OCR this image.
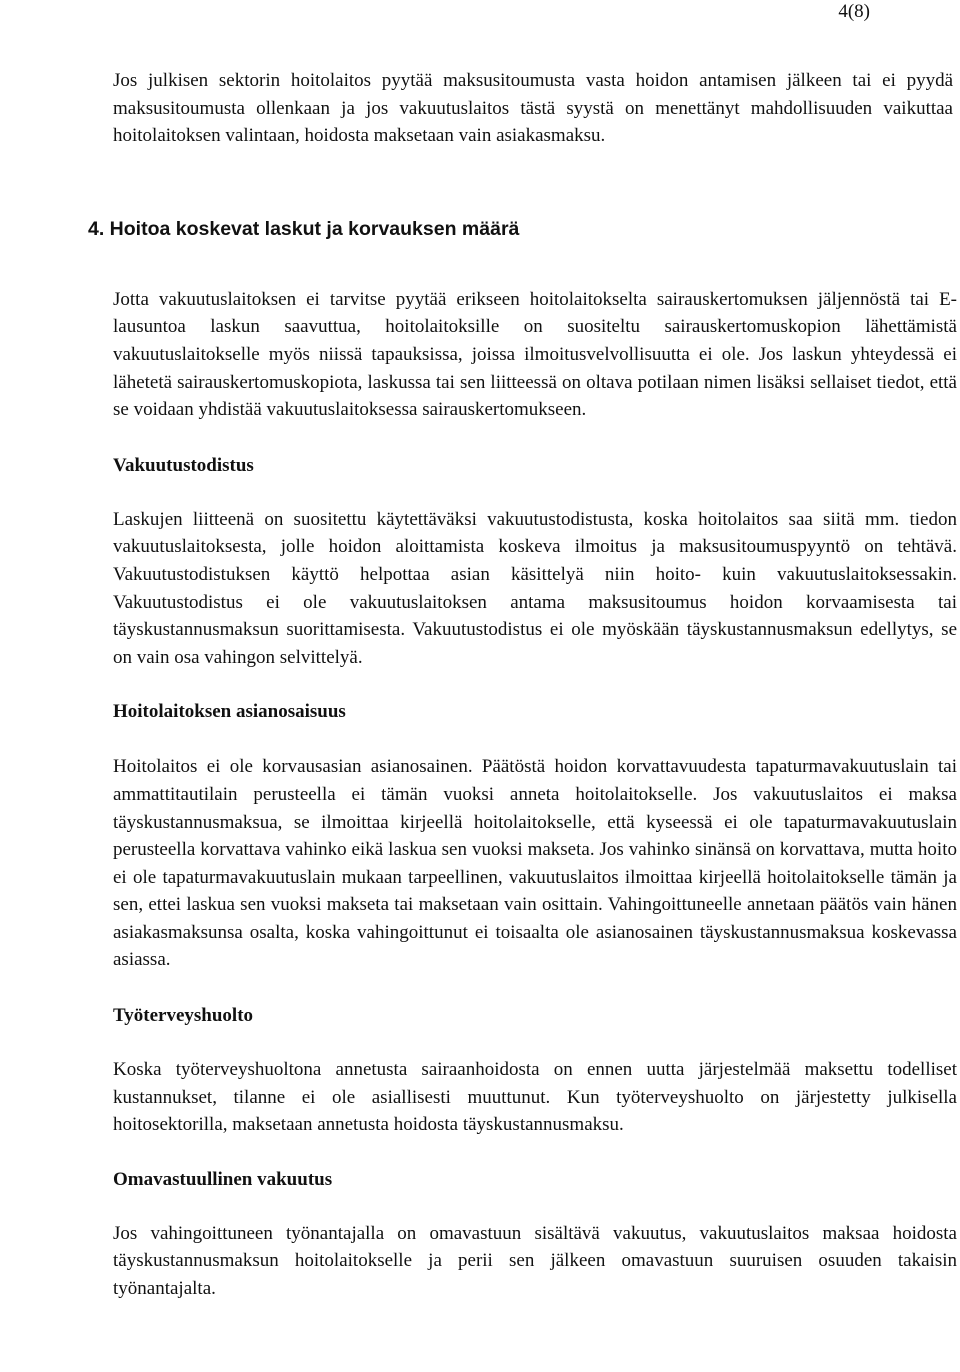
4(8)

Jos julkisen sektorin hoitolaitos pyytää maksusitoumusta vasta hoidon antamisen jälkeen tai ei pyydä maksusitoumusta ollenkaan ja jos vakuutuslaitos tästä syystä on menettänyt mahdollisuuden vaikuttaa hoitolaitoksen valintaan, hoidosta maksetaan vain asiakasmaksu.

4. Hoitoa koskevat laskut ja korvauksen määrä

Jotta vakuutuslaitoksen ei tarvitse pyytää erikseen hoitolaitokselta sairauskertomuksen jäljennöstä tai E-lausuntoa laskun saavuttua, hoitolaitoksille on suositeltu sairauskertomuskopion lähettämistä vakuutuslaitokselle myös niissä tapauksissa, joissa ilmoitusvelvollisuutta ei ole. Jos laskun yhteydessä ei lähetetä sairauskertomuskopiota, laskussa tai sen liitteessä on oltava potilaan nimen lisäksi sellaiset tiedot, että se voidaan yhdistää vakuutuslaitoksessa sairauskertomukseen.

Vakuutustodistus

Laskujen liitteenä on suositettu käytettäväksi vakuutustodistusta, koska hoitolaitos saa siitä mm. tiedon vakuutuslaitoksesta, jolle hoidon aloittamista koskeva ilmoitus ja maksusitoumuspyyntö on tehtävä. Vakuutustodistuksen käyttö helpottaa asian käsittelyä niin hoito- kuin vakuutuslaitoksessakin. Vakuutustodistus ei ole vakuutuslaitoksen antama maksusitoumus hoidon korvaamisesta tai täyskustannusmaksun suorittamisesta. Vakuutustodistus ei ole myöskään täyskustannusmaksun edellytys, se on vain osa vahingon selvittelyä.

Hoitolaitoksen asianosaisuus

Hoitolaitos ei ole korvausasian asianosainen. Päätöstä hoidon korvattavuudesta tapaturmavakuutuslain tai ammattitautilain perusteella ei tämän vuoksi anneta hoitolaitokselle. Jos vakuutuslaitos ei maksa täyskustannusmaksua, se ilmoittaa kirjeellä hoitolaitokselle, että kyseessä ei ole tapaturmavakuutuslain perusteella korvattava vahinko eikä laskua sen vuoksi makseta. Jos vahinko sinänsä on korvattava, mutta hoito ei ole tapaturmavakuutuslain mukaan tarpeellinen, vakuutuslaitos ilmoittaa kirjeellä hoitolaitokselle tämän ja sen, ettei laskua sen vuoksi makseta tai maksetaan vain osittain. Vahingoittuneelle annetaan päätös vain hänen asiakasmaksunsa osalta, koska vahingoittunut ei toisaalta ole asianosainen täyskustannusmaksua koskevassa asiassa.

Työterveyshuolto

Koska työterveyshuoltona annetusta sairaanhoidosta on ennen uutta järjestelmää maksettu todelliset kustannukset, tilanne ei ole asiallisesti muuttunut. Kun työterveyshuolto on järjestetty julkisella hoitosektorilla, maksetaan annetusta hoidosta täyskustannusmaksu.

Omavastuullinen vakuutus

Jos vahingoittuneen työnantajalla on omavastuun sisältävä vakuutus, vakuutuslaitos maksaa hoidosta täyskustannusmaksun hoitolaitokselle ja perii sen jälkeen omavastuun suuruisen osuuden takaisin työnantajalta.
